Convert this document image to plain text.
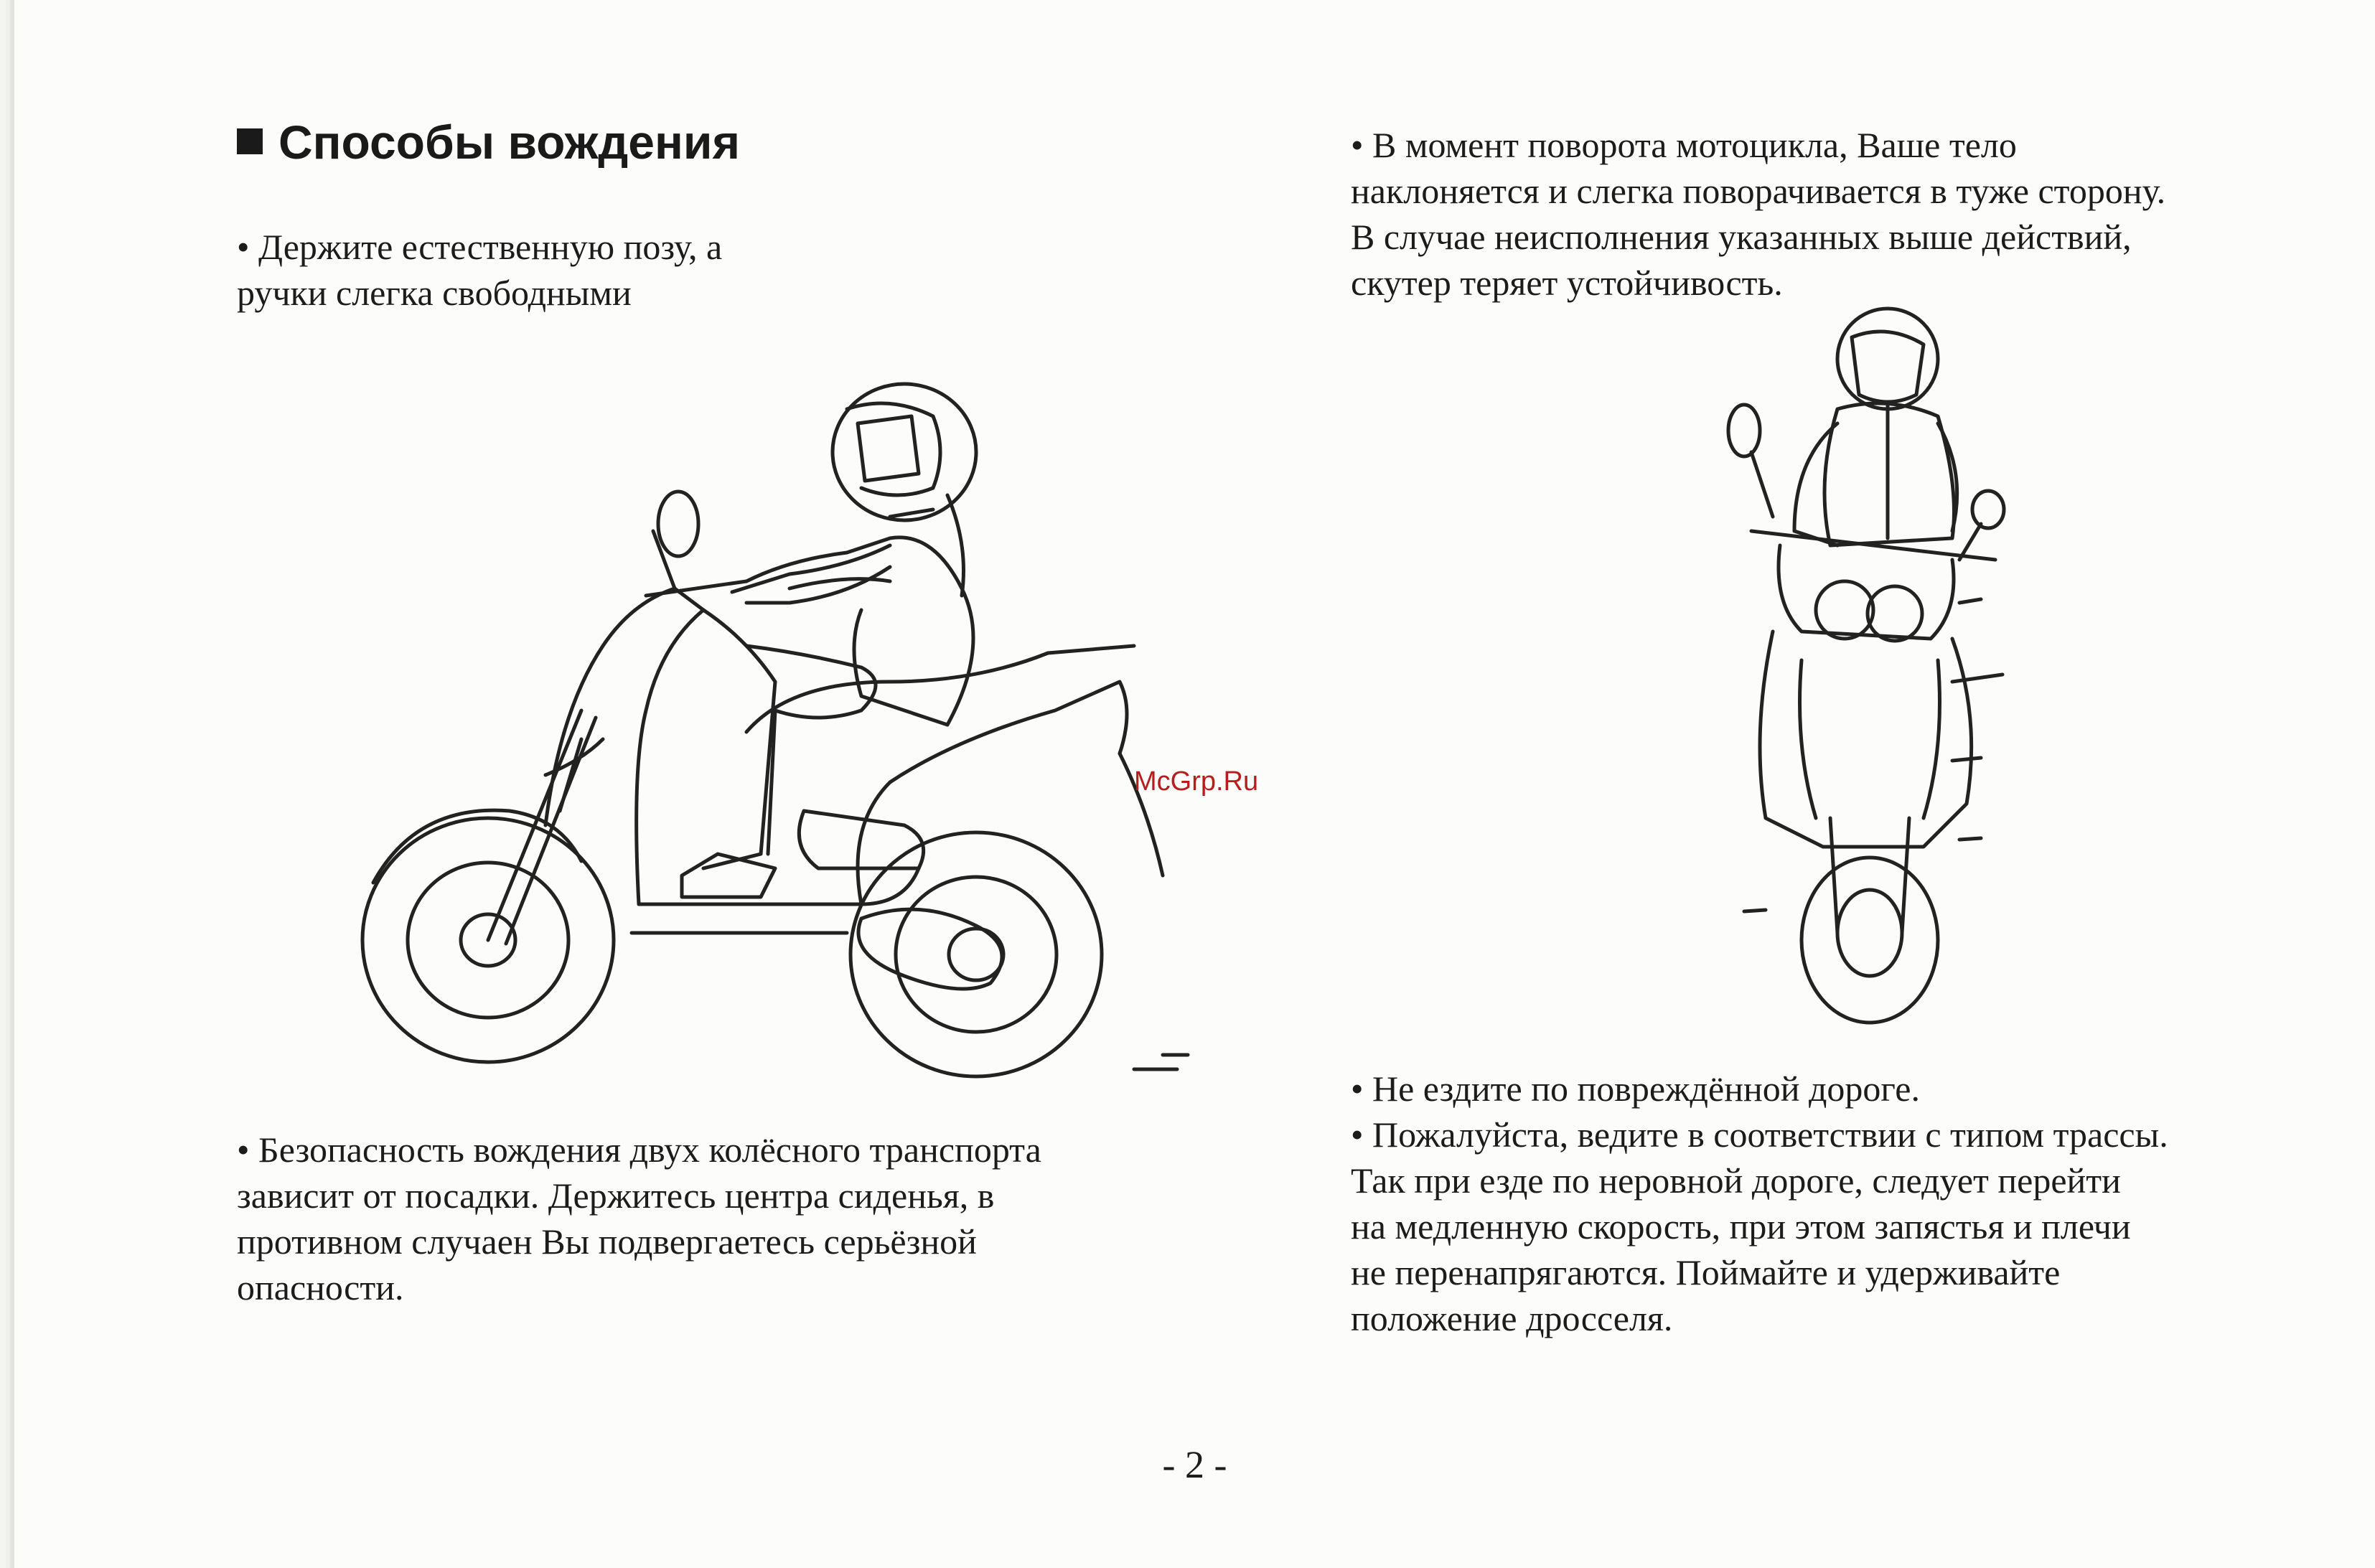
Способы вождения
• Держите естественную позу, а
ручки слегка свободными
• В момент поворота мотоцикла, Ваше тело
наклоняется и слегка поворачивается в туже сторону.
В случае неисполнения указанных выше действий,
скутер теряет устойчивость.
McGrp.Ru
• Безопасность вождения двух колёсного транспорта
зависит от посадки. Держитесь центра сиденья, в
противном случаен Вы подвергаетесь серьёзной
опасности.
• Не ездите по повреждённой дороге.
• Пожалуйста, ведите в соответствии с типом трассы.
Так при езде по неровной дороге, следует перейти
на медленную скорость, при этом запястья и плечи
не перенапрягаются. Поймайте и удерживайте
положение дросселя.
- 2 -
